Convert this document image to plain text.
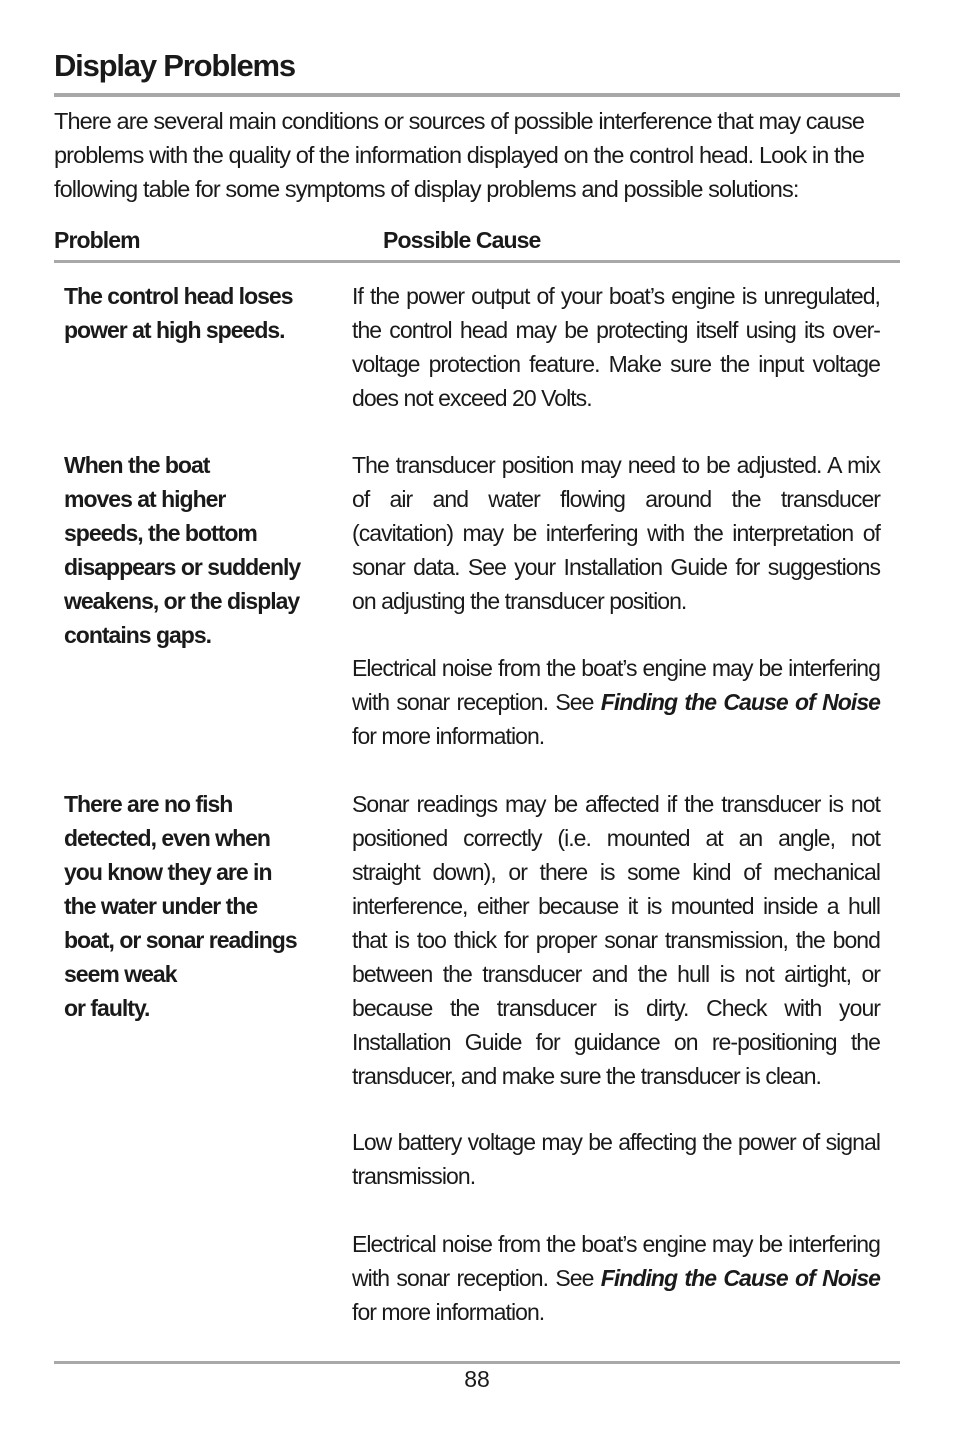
Display Problems

There are several main conditions or sources of possible interference that may cause problems with the quality of the information displayed on the control head. Look in the following table for some symptoms of display problems and possible solutions:

Problem	Possible Cause

The control head loses
power at high speeds.

If the power output of your boat’s engine is unregulated, the control head may be protecting itself using its over-voltage protection feature. Make sure the input voltage does not exceed 20 Volts.

When the boat
moves at higher
speeds, the bottom
disappears or suddenly
weakens, or the display
contains gaps.

The transducer position may need to be adjusted. A mix of air and water flowing around the transducer (cavitation) may be interfering with the interpretation of sonar data. See your Installation Guide for suggestions on adjusting the transducer position.

Electrical noise from the boat’s engine may be interfering with sonar reception. See Finding the Cause of Noise for more information.

There are no fish
detected, even when
you know they are in
the water under the
boat, or sonar readings
seem weak
or faulty.

Sonar readings may be affected if the transducer is not positioned correctly (i.e. mounted at an angle, not straight down), or there is some kind of mechanical interference, either because it is mounted inside a hull that is too thick for proper sonar transmission, the bond between the transducer and the hull is not airtight, or because the transducer is dirty. Check with your Installation Guide for guidance on re-positioning the transducer, and make sure the transducer is clean.

Low battery voltage may be affecting the power of signal transmission.

Electrical noise from the boat’s engine may be interfering with sonar reception. See Finding the Cause of Noise for more information.

88
